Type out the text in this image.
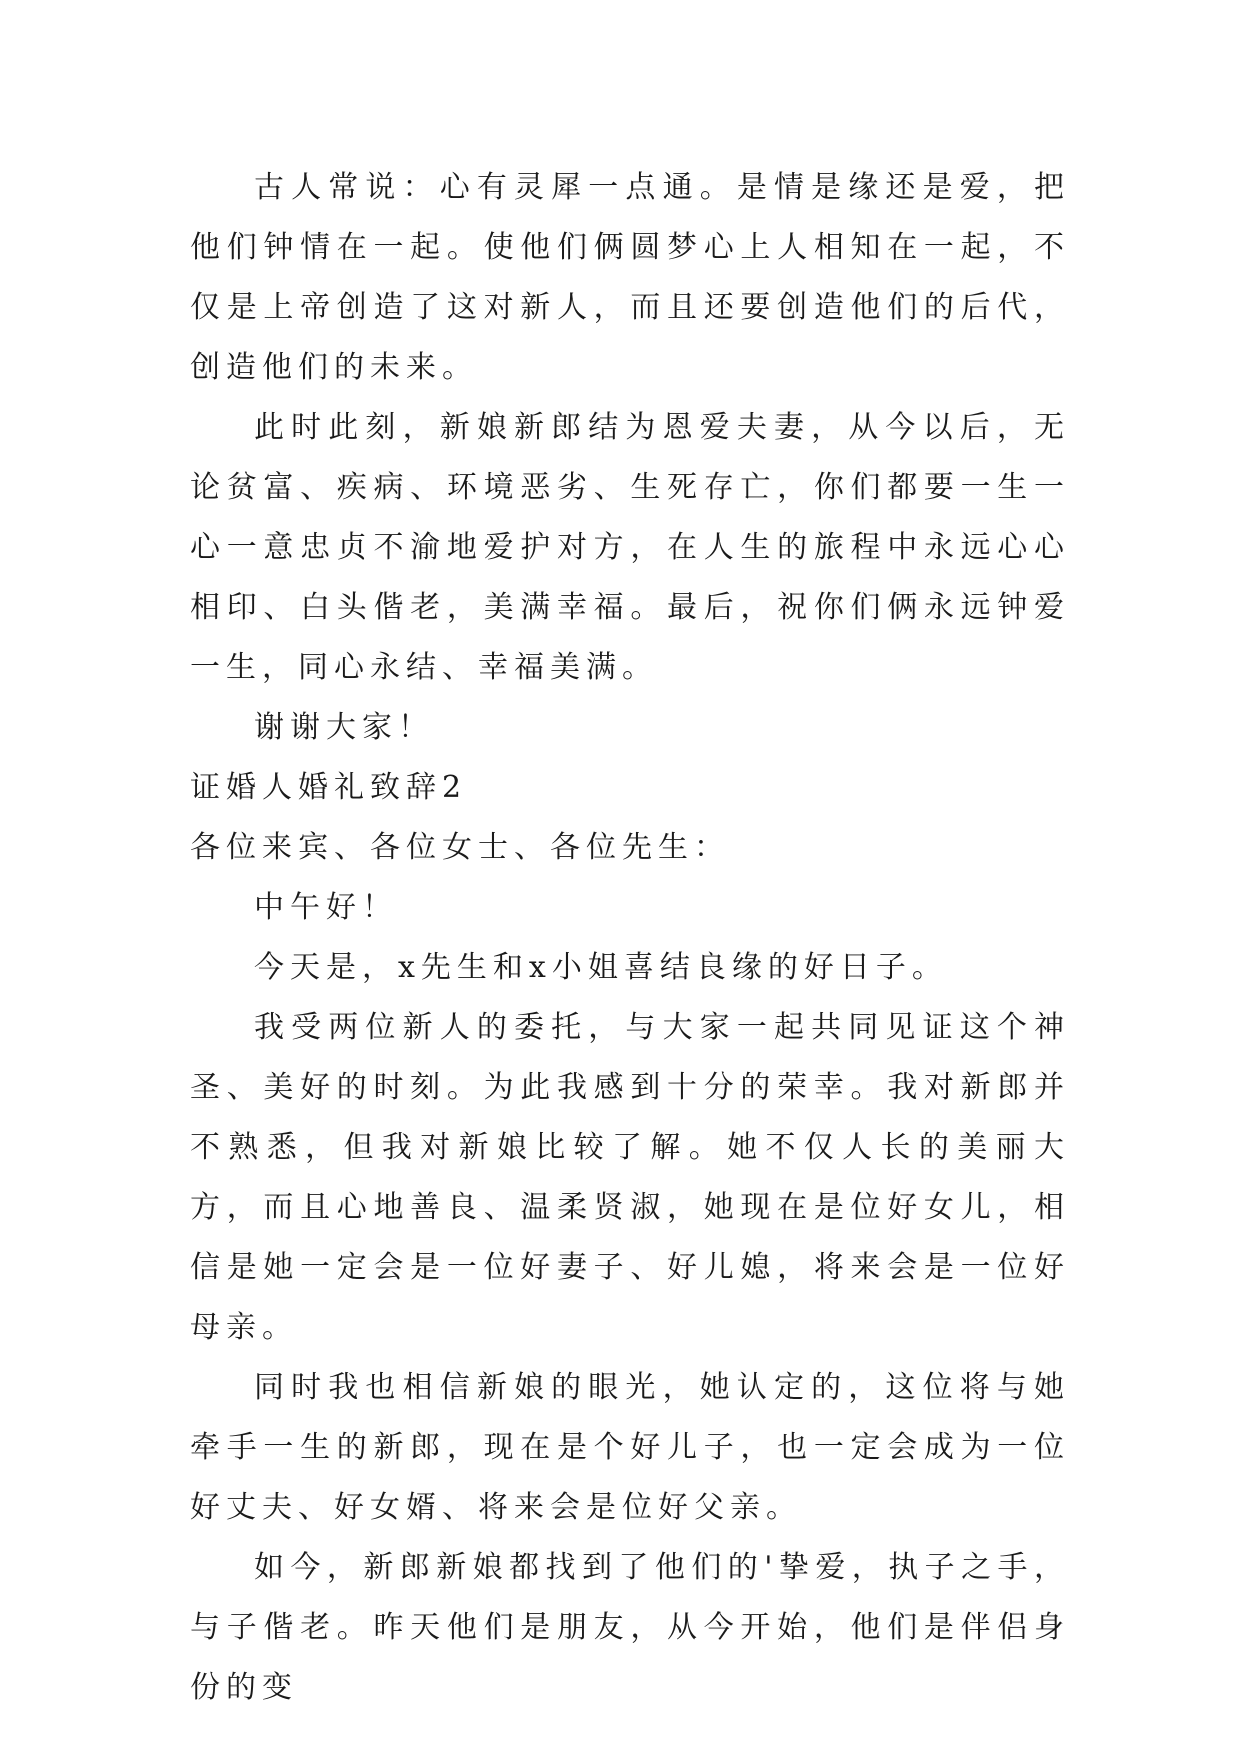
古人常说：心有灵犀一点通。是情是缘还是爱，把他们钟情在一起。使他们俩圆梦心上人相知在一起，不仅是上帝创造了这对新人，而且还要创造他们的后代，创造他们的未来。

此时此刻，新娘新郎结为恩爱夫妻，从今以后，无论贫富、疾病、环境恶劣、生死存亡，你们都要一生一心一意忠贞不渝地爱护对方，在人生的旅程中永远心心相印、白头偕老，美满幸福。最后，祝你们俩永远钟爱一生，同心永结、幸福美满。

谢谢大家！

证婚人婚礼致辞2

各位来宾、各位女士、各位先生：

中午好！

今天是，x先生和x小姐喜结良缘的好日子。

我受两位新人的委托，与大家一起共同见证这个神圣、美好的时刻。为此我感到十分的荣幸。我对新郎并不熟悉，但我对新娘比较了解。她不仅人长的美丽大方，而且心地善良、温柔贤淑，她现在是位好女儿，相信是她一定会是一位好妻子、好儿媳，将来会是一位好母亲。

同时我也相信新娘的眼光，她认定的，这位将与她牵手一生的新郎，现在是个好儿子，也一定会成为一位好丈夫、好女婿、将来会是位好父亲。

如今，新郎新娘都找到了他们的'挚爱，执子之手，与子偕老。昨天他们是朋友，从今开始，他们是伴侣身份的变
